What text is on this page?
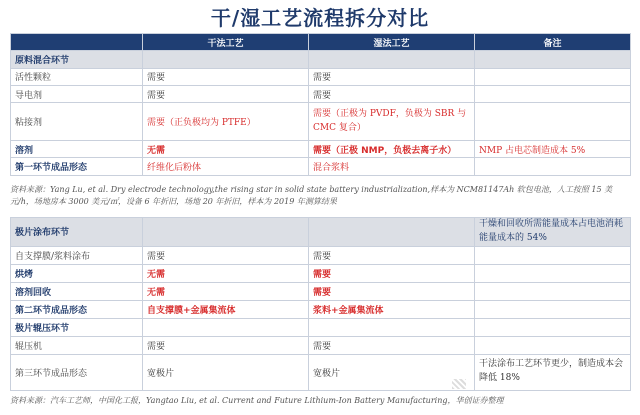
干/湿工艺流程拆分对比
	干法工艺	湿法工艺	备注
原料混合环节			
活性颗粒	需要	需要	
导电剂	需要	需要	
粘接剂	需要（正负极均为 PTFE）	需要（正极为 PVDF，负极为 SBR 与 CMC 复合）	
溶剂	无需	需要（正极 NMP，负极去离子水）	NMP 占电芯制造成本 5%
第一环节成品形态	纤维化后粉体	混合浆料	
资料来源：Yang Lu, et al. Dry electrode technology,the rising star in solid state battery industrialization,样本为 NCM81147Ah 软包电池，人工按照 15 美元/h，场地房本 3000 美元/㎡，设备 6 年折旧，场地 20 年折旧，样本为 2019 年测算结果
极片涂布环节			干燥和回收所需能量成本占电池消耗能量成本的 54%
自支撑膜/浆料涂布	需要	需要	
烘烤	无需	需要	
溶剂回收	无需	需要	
第二环节成品形态	自支撑膜+金属集流体	浆料+金属集流体	
极片辊压环节			
辊压机	需要	需要	
第三环节成品形态	宽极片	宽极片	干法涂布工艺环节更少，制造成本会降低 18%
资料来源：汽车工艺师，中国化工报，Yangtao Liu, et al. Current and Future Lithium-Ion Battery Manufacturing，华创证券整理
